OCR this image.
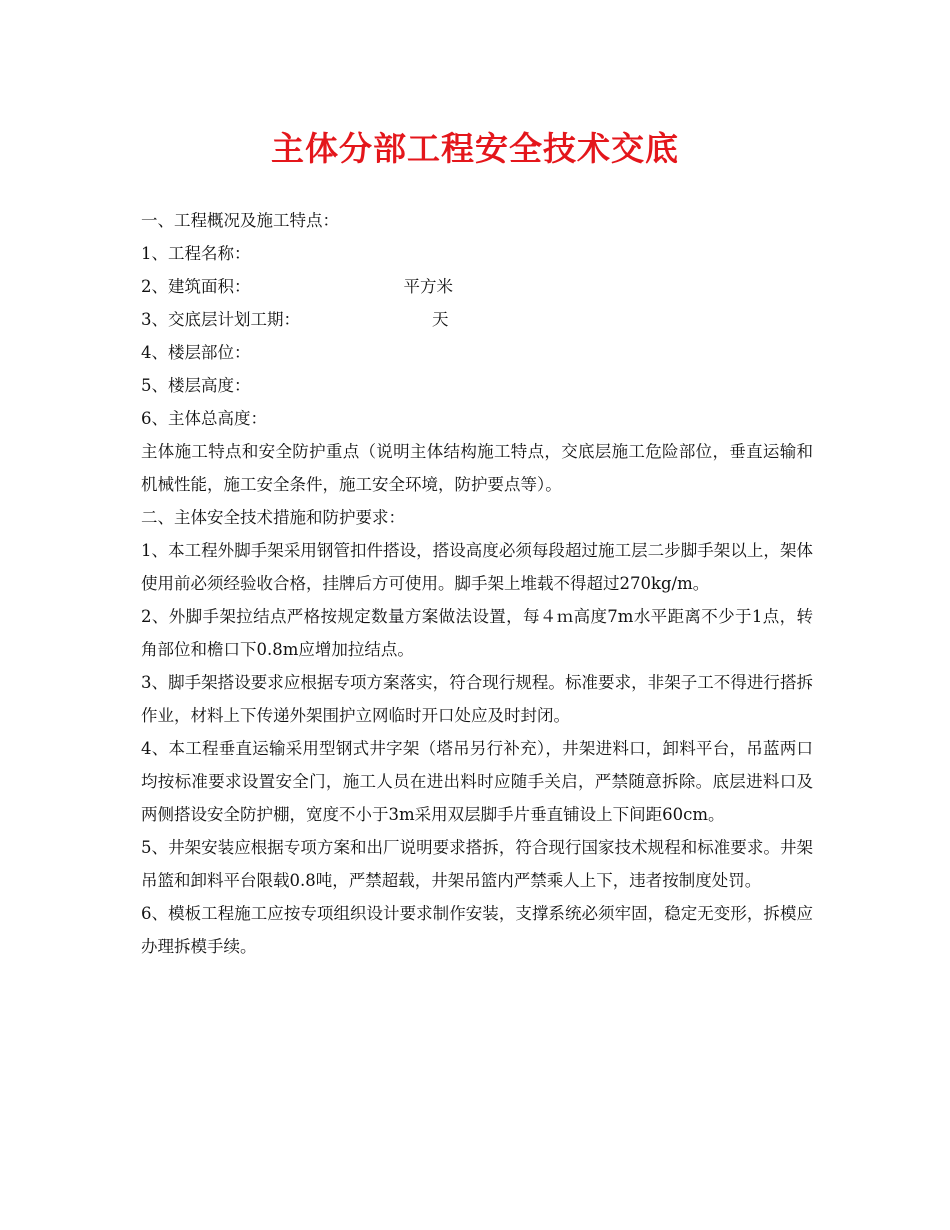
主体分部工程安全技术交底

一、工程概况及施工特点：

1、工程名称：

2、建筑面积：	平方米

3、交底层计划工期：	天

4、楼层部位：

5、楼层高度：

6、主体总高度：

主体施工特点和安全防护重点（说明主体结构施工特点，交底层施工危险部位，垂直运输和机械性能，施工安全条件，施工安全环境，防护要点等）。

二、主体安全技术措施和防护要求：

1、本工程外脚手架采用钢管扣件搭设，搭设高度必须每段超过施工层二步脚手架以上，架体使用前必须经验收合格，挂牌后方可使用。脚手架上堆载不得超过270kg/m。

2、外脚手架拉结点严格按规定数量方案做法设置，每４ｍ高度7m水平距离不少于1点，转角部位和檐口下0.8m应增加拉结点。

3、脚手架搭设要求应根据专项方案落实，符合现行规程。标准要求，非架子工不得进行搭拆作业，材料上下传递外架围护立网临时开口处应及时封闭。

4、本工程垂直运输采用型钢式井字架（塔吊另行补充），井架进料口，卸料平台，吊蓝两口均按标准要求设置安全门，施工人员在进出料时应随手关启，严禁随意拆除。底层进料口及两侧搭设安全防护棚，宽度不小于3m采用双层脚手片垂直铺设上下间距60cm。

5、井架安装应根据专项方案和出厂说明要求搭拆，符合现行国家技术规程和标准要求。井架吊篮和卸料平台限载0.8吨，严禁超载，井架吊篮内严禁乘人上下，违者按制度处罚。

6、模板工程施工应按专项组织设计要求制作安装，支撑系统必须牢固，稳定无变形，拆模应办理拆模手续。
